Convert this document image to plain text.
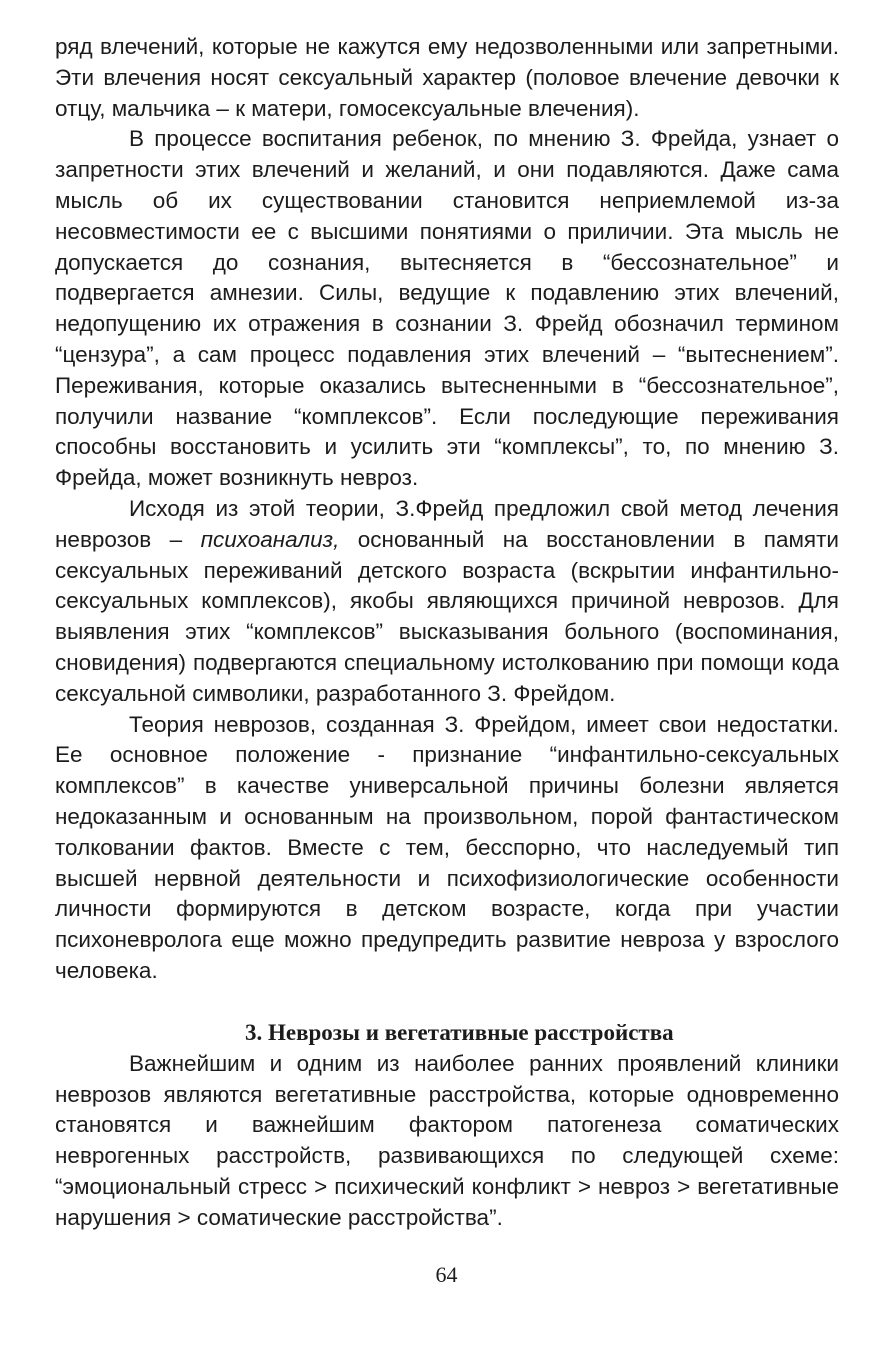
ряд влечений, которые не кажутся ему недозволенными или запретными. Эти влечения носят сексуальный характер (половое влечение девочки к отцу, мальчика – к матери, гомосексуальные влечения).

В процессе воспитания ребенок, по мнению З. Фрейда, узнает о запретности этих влечений и желаний, и они подавляются. Даже сама мысль об их существовании становится неприемлемой из-за несовместимости ее с высшими понятиями о приличии. Эта мысль не допускается до сознания, вытесняется в “бессознательное” и подвергается амнезии. Силы, ведущие к подавлению этих влечений, недопущению их отражения в сознании З. Фрейд обозначил термином “цензура”, а сам процесс подавления этих влечений – “вытеснением”. Переживания, которые оказались вытесненными в “бессознательное”, получили название “комплексов”. Если последующие переживания способны восстановить и усилить эти “комплексы”, то, по мнению З. Фрейда, может возникнуть невроз.

Исходя из этой теории, З.Фрейд предложил свой метод лечения неврозов – психоанализ, основанный на восстановлении в памяти сексуальных переживаний детского возраста (вскрытии инфантильно-сексуальных комплексов), якобы являющихся причиной неврозов. Для выявления этих “комплексов” высказывания больного (воспоминания, сновидения) подвергаются специальному истолкованию при помощи кода сексуальной символики, разработанного З. Фрейдом.

Теория неврозов, созданная З. Фрейдом, имеет свои недостатки. Ее основное положение - признание “инфантильно-сексуальных комплексов” в качестве универсальной причины болезни является недоказанным и основанным на произвольном, порой фантастическом толковании фактов. Вместе с тем, бесспорно, что наследуемый тип высшей нервной деятельности и психофизиологические особенности личности формируются в детском возрасте, когда при участии психоневролога еще можно предупредить развитие невроза у взрослого человека.

3. Неврозы и вегетативные расстройства

Важнейшим и одним из наиболее ранних проявлений клиники неврозов являются вегетативные расстройства, которые одновременно становятся и важнейшим фактором патогенеза соматических неврогенных расстройств, развивающихся по следующей схеме: “эмоциональный стресс > психический конфликт > невроз > вегетативные нарушения > соматические расстройства”.

64
